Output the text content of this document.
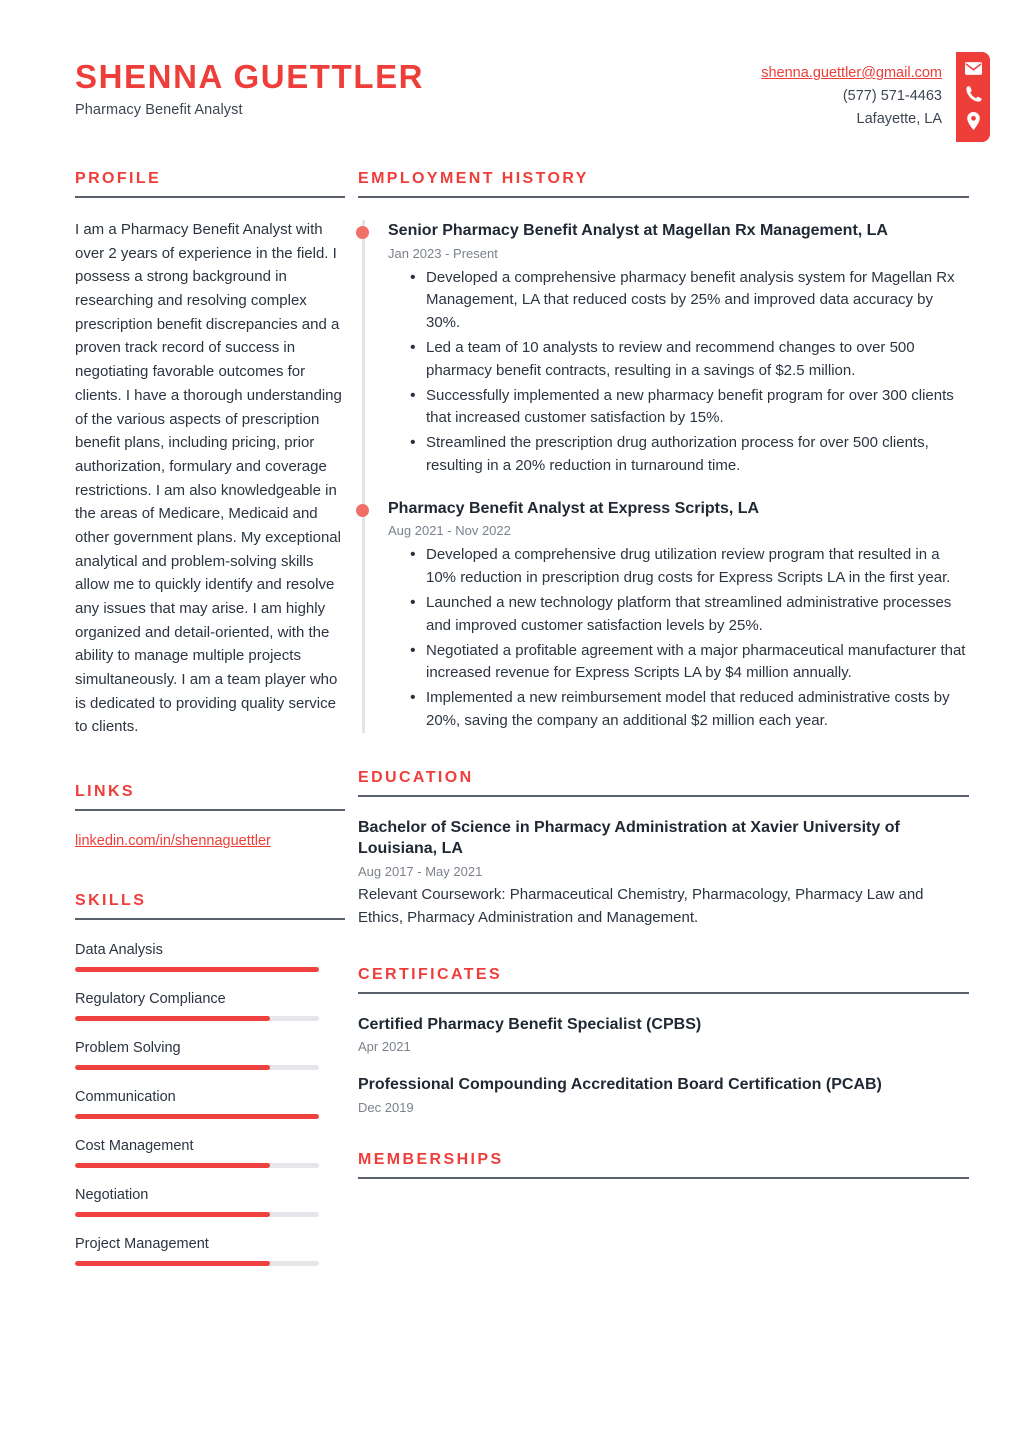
SHENNA GUETTLER
Pharmacy Benefit Analyst
shenna.guettler@gmail.com
(577) 571-4463
Lafayette, LA
PROFILE

I am a Pharmacy Benefit Analyst with over 2 years of experience in the field. I possess a strong background in researching and resolving complex prescription benefit discrepancies and a proven track record of success in negotiating favorable outcomes for clients. I have a thorough understanding of the various aspects of prescription benefit plans, including pricing, prior authorization, formulary and coverage restrictions. I am also knowledgeable in the areas of Medicare, Medicaid and other government plans. My exceptional analytical and problem-solving skills allow me to quickly identify and resolve any issues that may arise. I am highly organized and detail-oriented, with the ability to manage multiple projects simultaneously. I am a team player who is dedicated to providing quality service to clients.

LINKS
linkedin.com/in/shennaguettler
SKILLS
Data Analysis
Regulatory Compliance
Problem Solving
Communication
Cost Management
Negotiation
Project Management
EMPLOYMENT HISTORY
Senior Pharmacy Benefit Analyst at Magellan Rx Management, LA
Jan 2023 - Present
• Developed a comprehensive pharmacy benefit analysis system for Magellan Rx Management, LA that reduced costs by 25% and improved data accuracy by 30%.
• Led a team of 10 analysts to review and recommend changes to over 500 pharmacy benefit contracts, resulting in a savings of $2.5 million.
• Successfully implemented a new pharmacy benefit program for over 300 clients that increased customer satisfaction by 15%.
• Streamlined the prescription drug authorization process for over 500 clients, resulting in a 20% reduction in turnaround time.
Pharmacy Benefit Analyst at Express Scripts, LA
Aug 2021 - Nov 2022
• Developed a comprehensive drug utilization review program that resulted in a 10% reduction in prescription drug costs for Express Scripts LA in the first year.
• Launched a new technology platform that streamlined administrative processes and improved customer satisfaction levels by 25%.
• Negotiated a profitable agreement with a major pharmaceutical manufacturer that increased revenue for Express Scripts LA by $4 million annually.
• Implemented a new reimbursement model that reduced administrative costs by 20%, saving the company an additional $2 million each year.
EDUCATION
Bachelor of Science in Pharmacy Administration at Xavier University of Louisiana, LA
Aug 2017 - May 2021
Relevant Coursework: Pharmaceutical Chemistry, Pharmacology, Pharmacy Law and Ethics, Pharmacy Administration and Management.
CERTIFICATES
Certified Pharmacy Benefit Specialist (CPBS)
Apr 2021
Professional Compounding Accreditation Board Certification (PCAB)
Dec 2019
MEMBERSHIPS
